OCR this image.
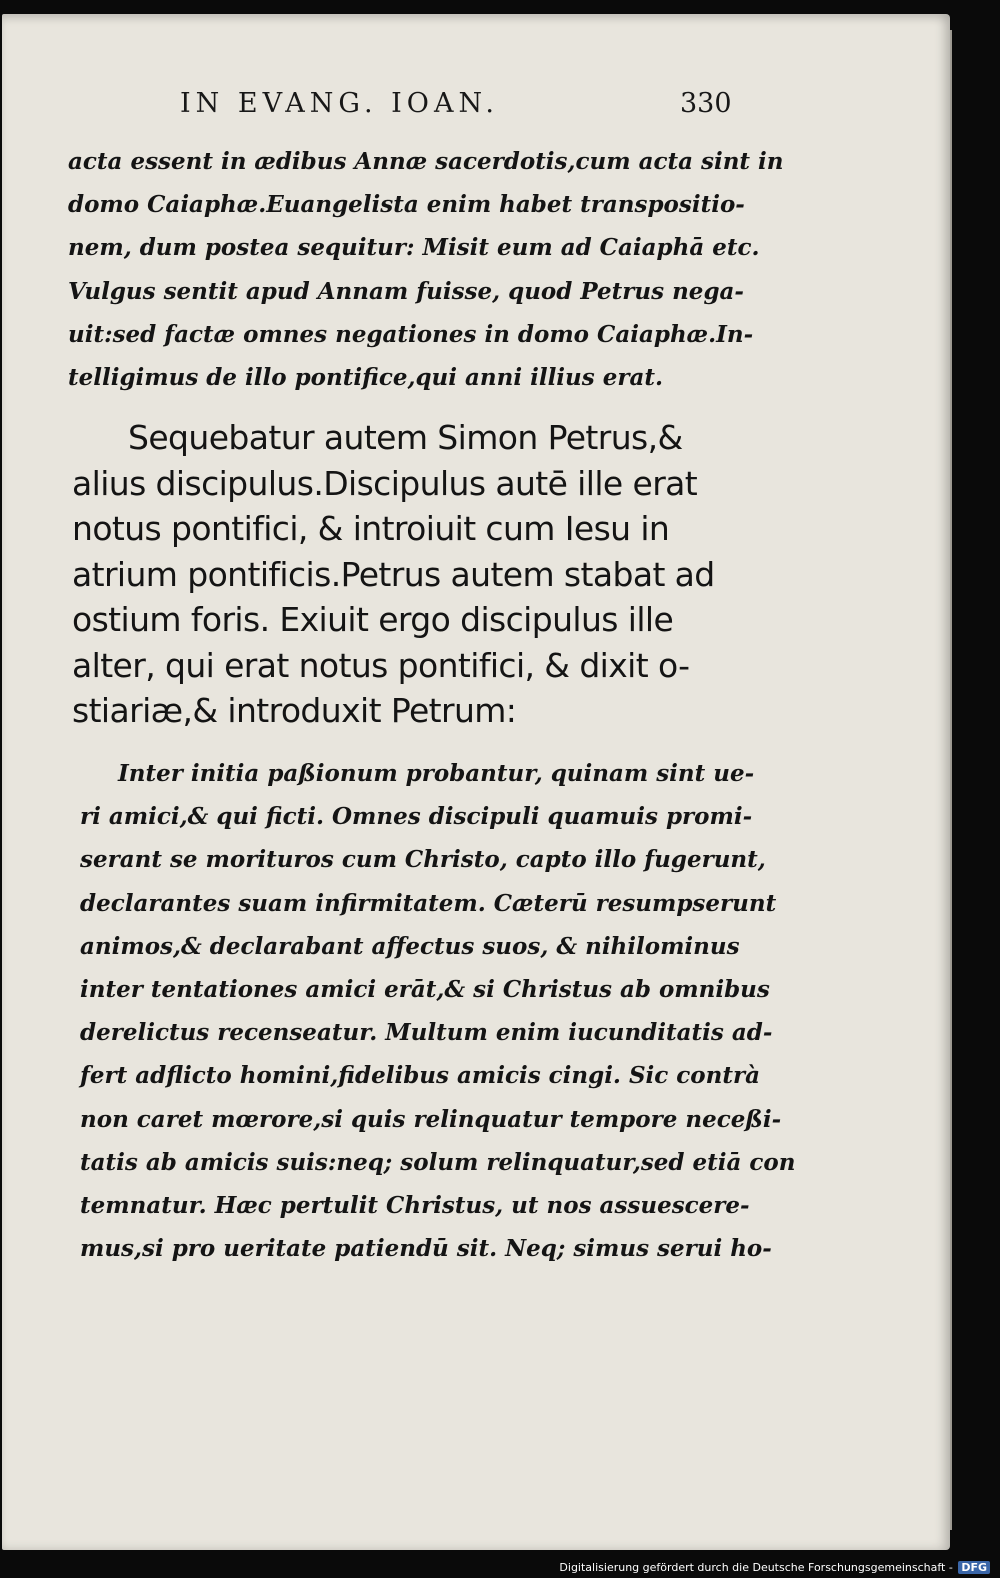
IN EVANG. IOAN.	330
acta essent in ædibus Annæ sacerdotis,cum acta sint in
domo Caiaphæ.Euangelista enim habet transpositio-
nem, dum postea sequitur: Misit eum ad Caiaphā etc.
Vulgus sentit apud Annam fuisse, quod Petrus nega-
uit:sed factæ omnes negationes in domo Caiaphæ.In-
telligimus de illo pontifice,qui anni illius erat.
Sequebatur autem Simon Petrus,&
alius discipulus.Discipulus autē ille erat
notus pontifici, & introiuit cum Iesu in
atrium pontificis.Petrus autem stabat ad
ostium foris. Exiuit ergo discipulus ille
alter, qui erat notus pontifici, & dixit o-
stiariæ,& introduxit Petrum:
Inter initia paßionum probantur, quinam sint ue-
ri amici,& qui ficti. Omnes discipuli quamuis promi-
serant se morituros cum Christo, capto illo fugerunt,
declarantes suam infirmitatem. Cæterū resumpserunt
animos,& declarabant affectus suos, & nihilominus
inter tentationes amici erāt,& si Christus ab omnibus
derelictus recenseatur. Multum enim iucunditatis ad-
fert adflicto homini,fidelibus amicis cingi. Sic contrà
non caret mœrore,si quis relinquatur tempore neceßi-
tatis ab amicis suis:neq; solum relinquatur,sed etiā con
temnatur. Hæc pertulit Christus, ut nos assuescere-
mus,si pro ueritate patiendū sit. Neq; simus serui ho-
Digitalisierung gefördert durch die Deutsche Forschungsgemeinschaft - DFG
